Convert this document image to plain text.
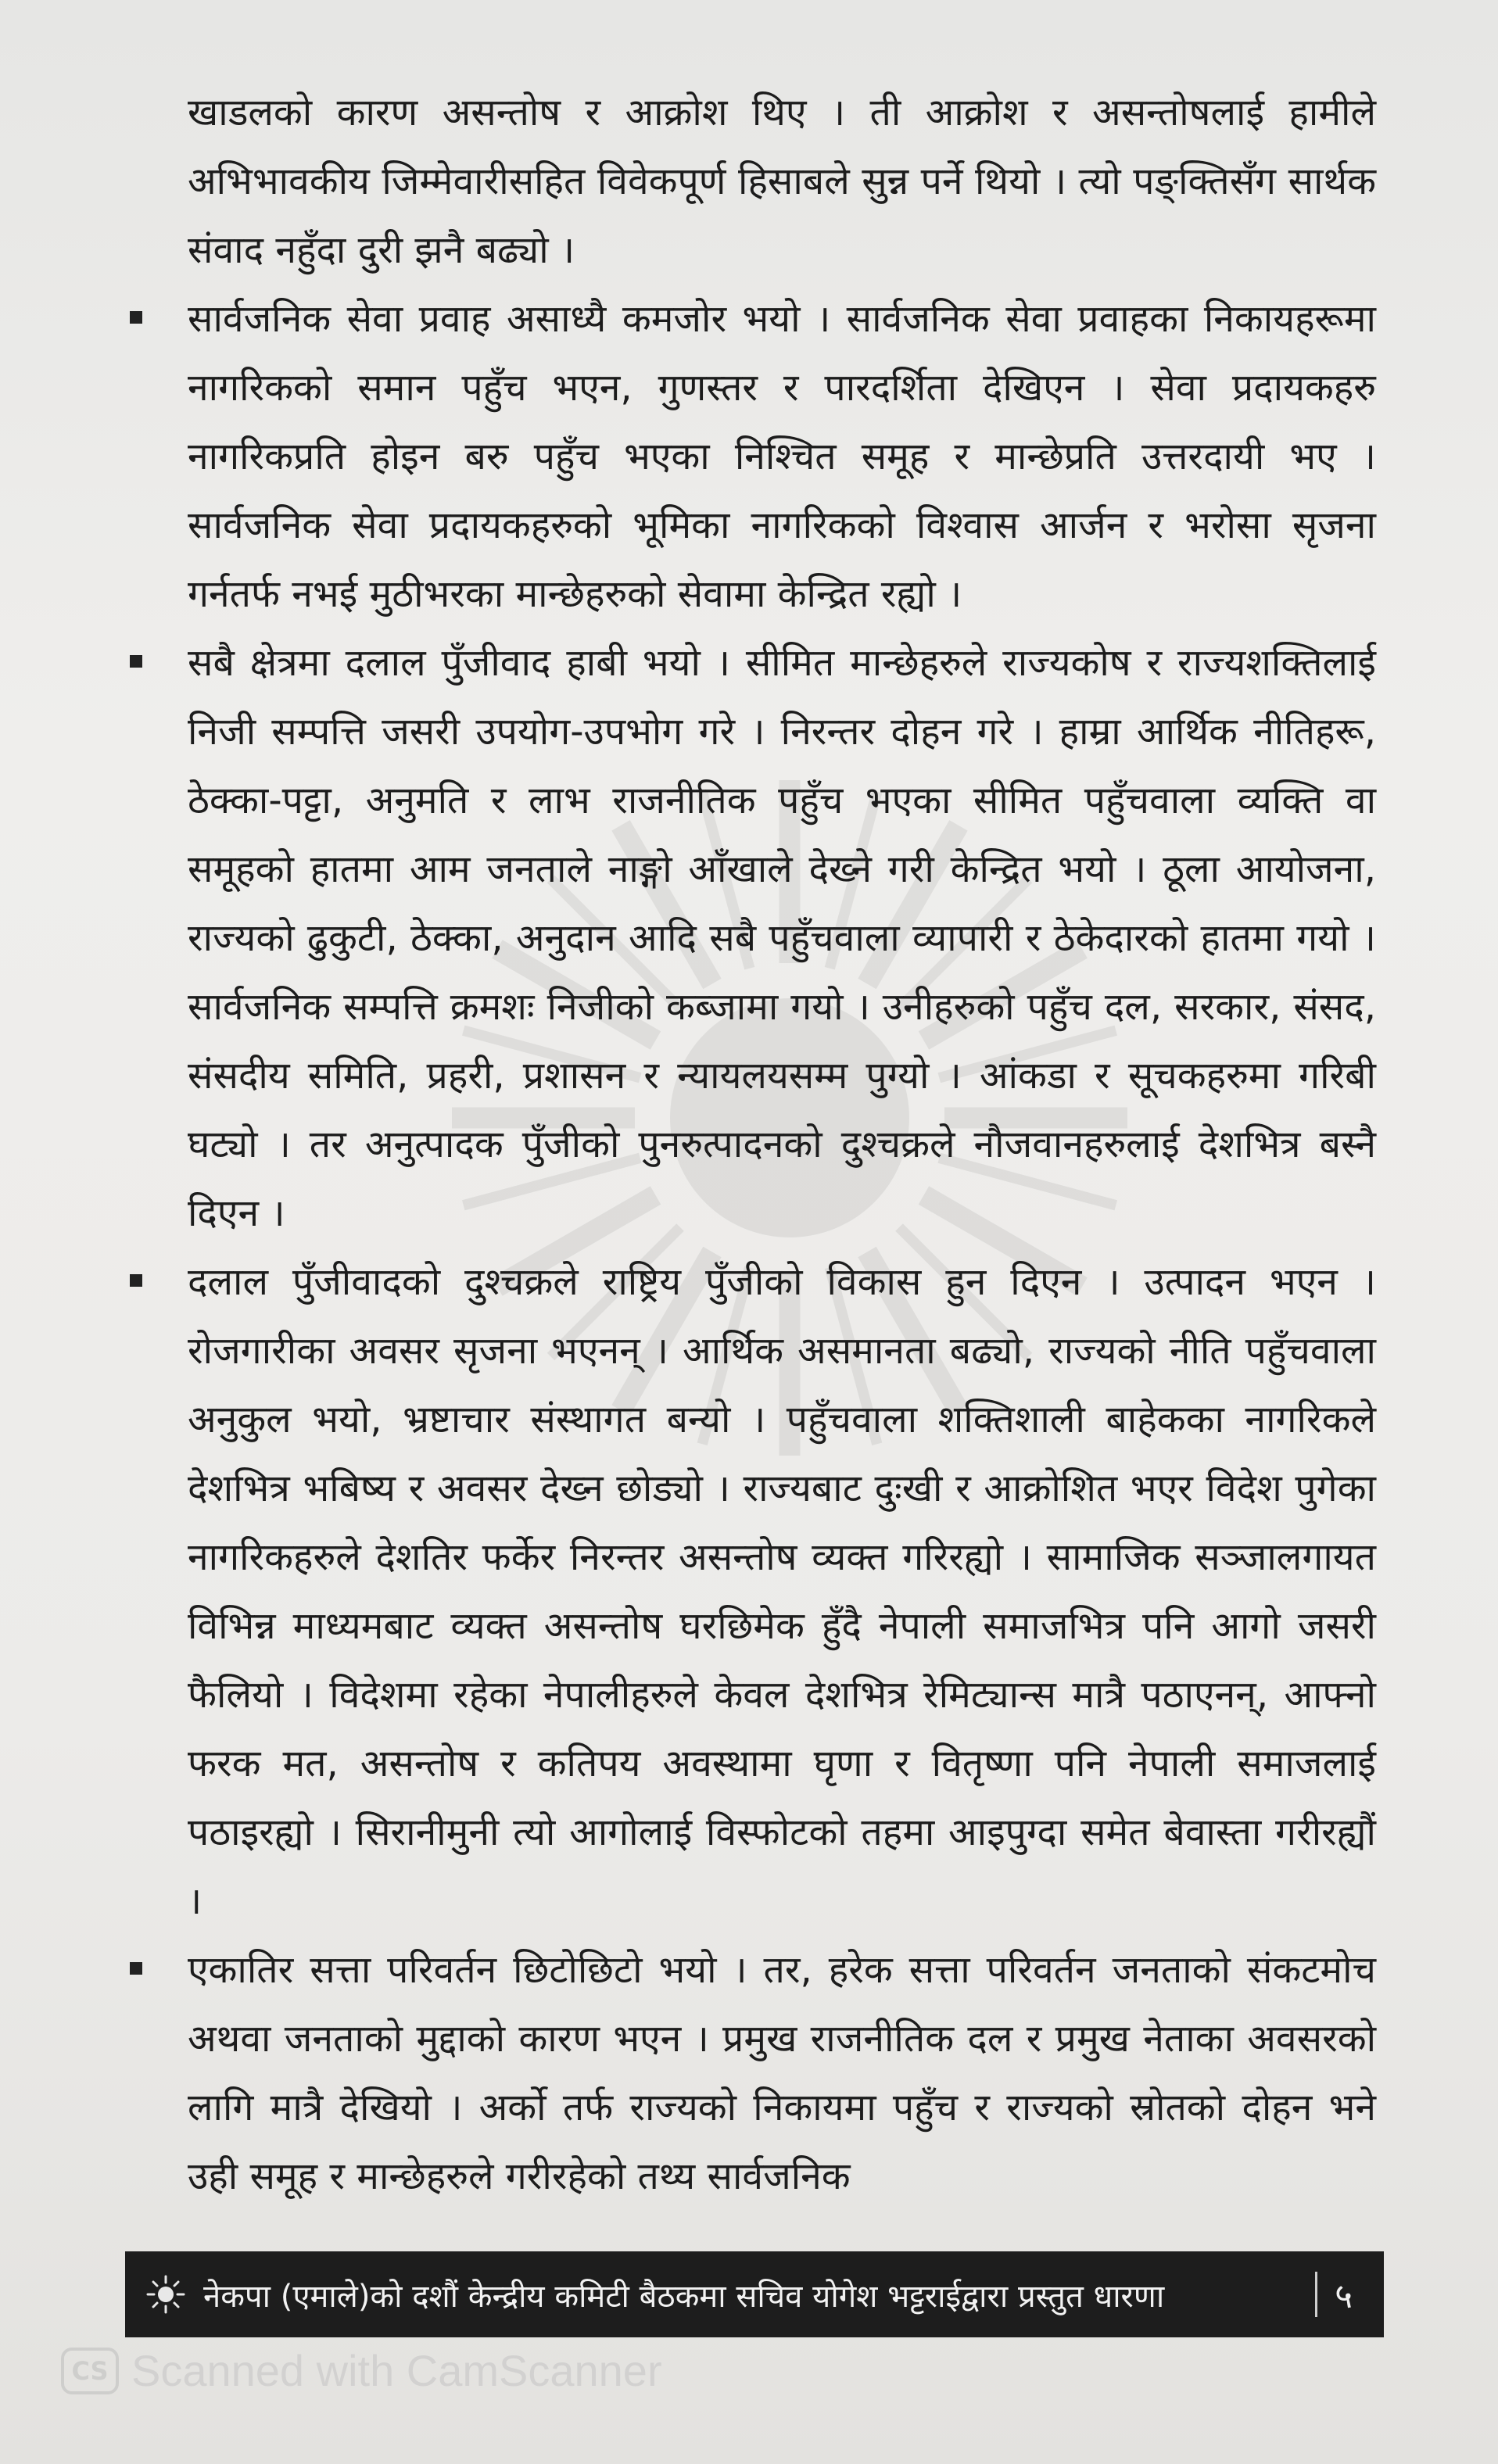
खाडलको कारण असन्तोष र आक्रोश थिए । ती आक्रोश र असन्तोषलाई हामीले अभिभावकीय जिम्मेवारीसहित विवेकपूर्ण हिसाबले सुन्न पर्ने थियो । त्यो पङ्क्तिसँग सार्थक संवाद नहुँदा दुरी झनै बढ्यो ।

सार्वजनिक सेवा प्रवाह असाध्यै कमजोर भयो । सार्वजनिक सेवा प्रवाहका निकायहरूमा नागरिकको समान पहुँच भएन, गुणस्तर र पारदर्शिता देखिएन । सेवा प्रदायकहरु नागरिकप्रति होइन बरु पहुँच भएका निश्चित समूह र मान्छेप्रति उत्तरदायी भए । सार्वजनिक सेवा प्रदायकहरुको भूमिका नागरिकको विश्वास आर्जन र भरोसा सृजना गर्नतर्फ नभई मुठीभरका मान्छेहरुको सेवामा केन्द्रित रह्यो ।

सबै क्षेत्रमा दलाल पुँजीवाद हाबी भयो । सीमित मान्छेहरुले राज्यकोष र राज्यशक्तिलाई निजी सम्पत्ति जसरी उपयोग-उपभोग गरे । निरन्तर दोहन गरे । हाम्रा आर्थिक नीतिहरू, ठेक्का-पट्टा, अनुमति र लाभ राजनीतिक पहुँच भएका सीमित पहुँचवाला व्यक्ति वा समूहको हातमा आम जनताले नाङ्गो आँखाले देख्ने गरी केन्द्रित भयो । ठूला आयोजना, राज्यको ढुकुटी, ठेक्का, अनुदान आदि सबै पहुँचवाला व्यापारी र ठेकेदारको हातमा गयो । सार्वजनिक सम्पत्ति क्रमशः निजीको कब्जामा गयो । उनीहरुको पहुँच दल, सरकार, संसद, संसदीय समिति, प्रहरी, प्रशासन र न्यायलयसम्म पुग्यो । आंकडा र सूचकहरुमा गरिबी घट्यो । तर अनुत्पादक पुँजीको पुनरुत्पादनको दुश्चक्रले नौजवानहरुलाई देशभित्र बस्नै दिएन ।

दलाल पुँजीवादको दुश्चक्रले राष्ट्रिय पुँजीको विकास हुन दिएन । उत्पादन भएन । रोजगारीका अवसर सृजना भएनन् । आर्थिक असमानता बढ्यो, राज्यको नीति पहुँचवाला अनुकुल भयो, भ्रष्टाचार संस्थागत बन्यो । पहुँचवाला शक्तिशाली बाहेकका नागरिकले देशभित्र भबिष्य र अवसर देख्न छोड्यो । राज्यबाट दुःखी र आक्रोशित भएर विदेश पुगेका नागरिकहरुले देशतिर फर्केर निरन्तर असन्तोष व्यक्त गरिरह्यो । सामाजिक सञ्जालगायत विभिन्न माध्यमबाट व्यक्त असन्तोष घरछिमेक हुँदै नेपाली समाजभित्र पनि आगो जसरी फैलियो । विदेशमा रहेका नेपालीहरुले केवल देशभित्र रेमिट्यान्स मात्रै पठाएनन्, आफ्नो फरक मत, असन्तोष र कतिपय अवस्थामा घृणा र वितृष्णा पनि नेपाली समाजलाई पठाइरह्यो । सिरानीमुनी त्यो आगोलाई विस्फोटको तहमा आइपुग्दा समेत बेवास्ता गरीरह्यौं ।

एकातिर सत्ता परिवर्तन छिटोछिटो भयो । तर, हरेक सत्ता परिवर्तन जनताको संकटमोच अथवा जनताको मुद्दाको कारण भएन । प्रमुख राजनीतिक दल र प्रमुख नेताका अवसरको लागि मात्रै देखियो । अर्को तर्फ राज्यको निकायमा पहुँच र राज्यको स्रोतको दोहन भने उही समूह र मान्छेहरुले गरीरहेको तथ्य सार्वजनिक

नेकपा (एमाले)को दशौं केन्द्रीय कमिटी बैठकमा सचिव योगेश भट्टराईद्वारा प्रस्तुत धारणा	५
CS Scanned with CamScanner
